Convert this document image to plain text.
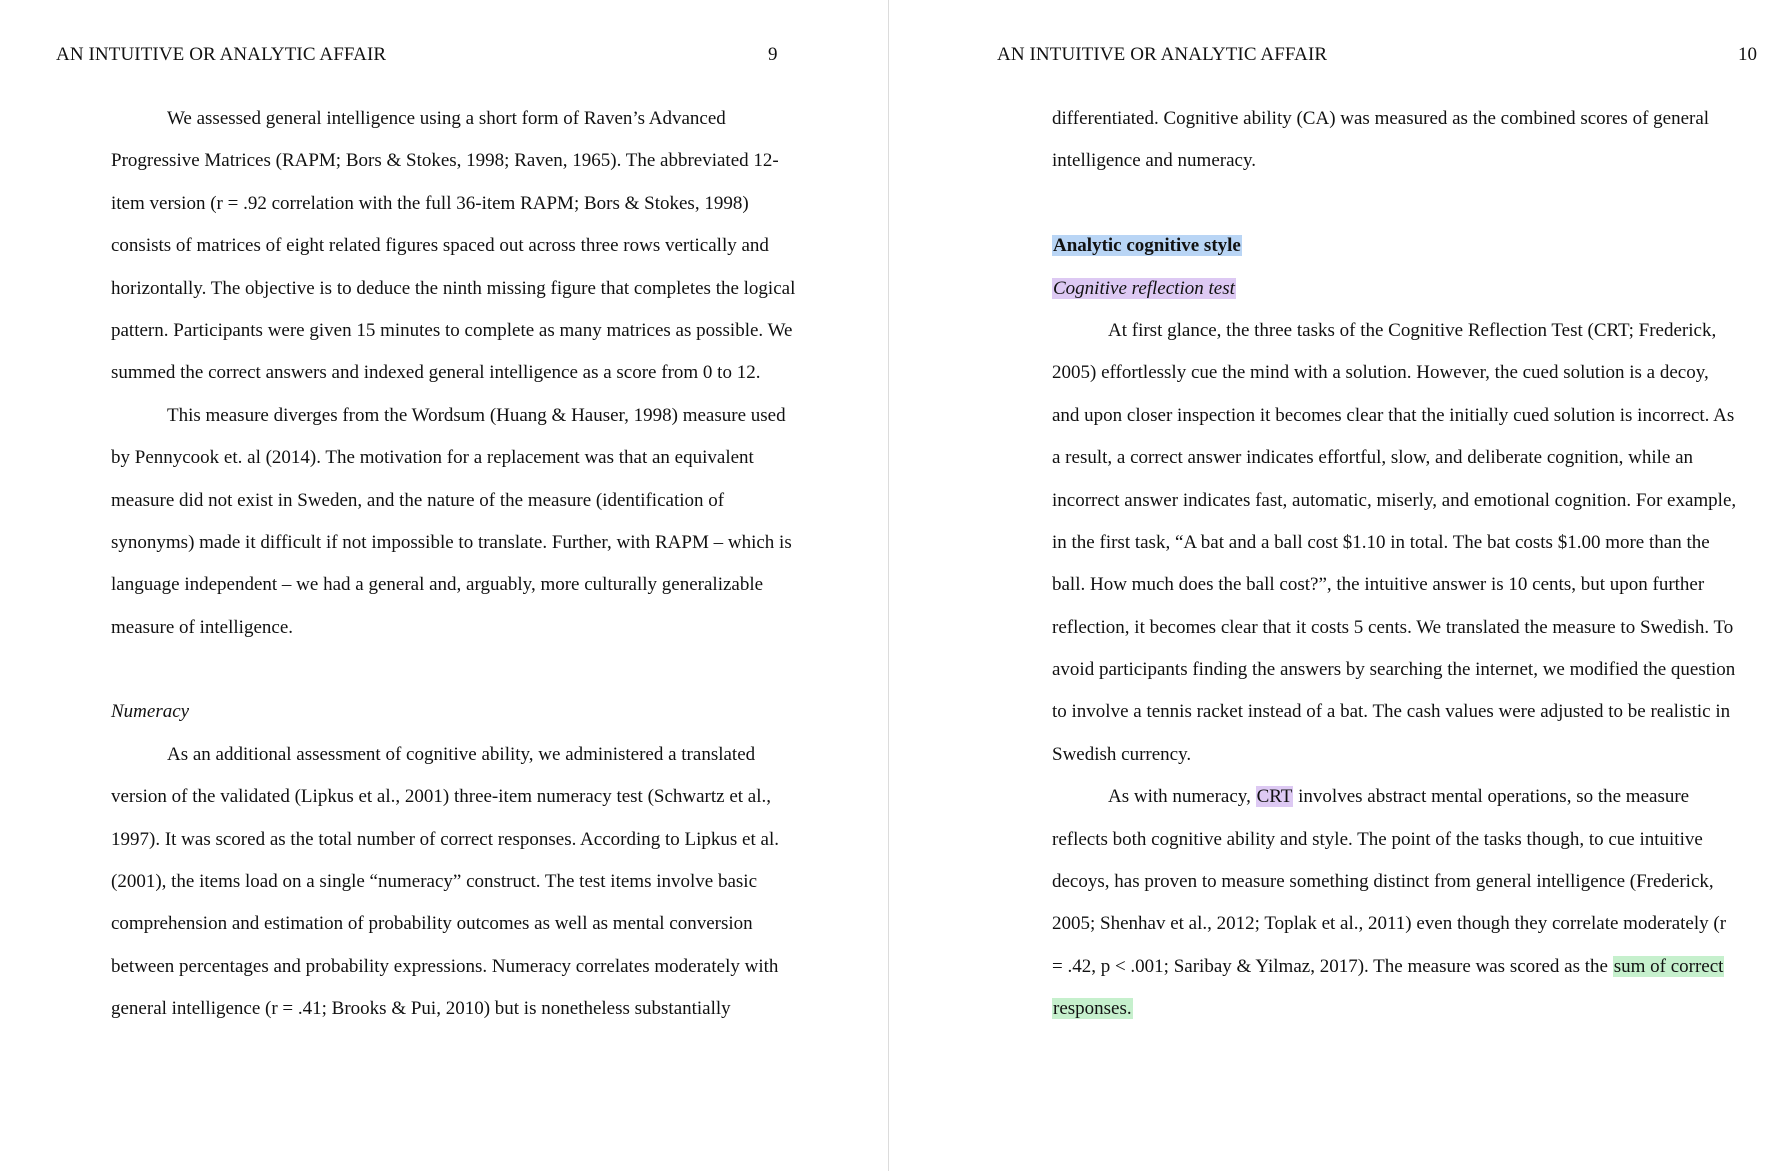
AN INTUITIVE OR ANALYTIC AFFAIR	9
We assessed general intelligence using a short form of Raven’s Advanced
Progressive Matrices (RAPM; Bors & Stokes, 1998; Raven, 1965). The abbreviated 12-
item version (r = .92 correlation with the full 36-item RAPM; Bors & Stokes, 1998)
consists of matrices of eight related figures spaced out across three rows vertically and
horizontally. The objective is to deduce the ninth missing figure that completes the logical
pattern. Participants were given 15 minutes to complete as many matrices as possible. We
summed the correct answers and indexed general intelligence as a score from 0 to 12.
This measure diverges from the Wordsum (Huang & Hauser, 1998) measure used
by Pennycook et. al (2014). The motivation for a replacement was that an equivalent
measure did not exist in Sweden, and the nature of the measure (identification of
synonyms) made it difficult if not impossible to translate. Further, with RAPM – which is
language independent – we had a general and, arguably, more culturally generalizable
measure of intelligence.
Numeracy
As an additional assessment of cognitive ability, we administered a translated
version of the validated (Lipkus et al., 2001) three-item numeracy test (Schwartz et al.,
1997). It was scored as the total number of correct responses. According to Lipkus et al.
(2001), the items load on a single “numeracy” construct. The test items involve basic
comprehension and estimation of probability outcomes as well as mental conversion
between percentages and probability expressions. Numeracy correlates moderately with
general intelligence (r = .41; Brooks & Pui, 2010) but is nonetheless substantially
AN INTUITIVE OR ANALYTIC AFFAIR	10
differentiated. Cognitive ability (CA) was measured as the combined scores of general
intelligence and numeracy.
Analytic cognitive style
Cognitive reflection test
At first glance, the three tasks of the Cognitive Reflection Test (CRT; Frederick,
2005) effortlessly cue the mind with a solution. However, the cued solution is a decoy,
and upon closer inspection it becomes clear that the initially cued solution is incorrect. As
a result, a correct answer indicates effortful, slow, and deliberate cognition, while an
incorrect answer indicates fast, automatic, miserly, and emotional cognition. For example,
in the first task, “A bat and a ball cost $1.10 in total. The bat costs $1.00 more than the
ball. How much does the ball cost?”, the intuitive answer is 10 cents, but upon further
reflection, it becomes clear that it costs 5 cents. We translated the measure to Swedish. To
avoid participants finding the answers by searching the internet, we modified the question
to involve a tennis racket instead of a bat. The cash values were adjusted to be realistic in
Swedish currency.
As with numeracy, CRT involves abstract mental operations, so the measure
reflects both cognitive ability and style. The point of the tasks though, to cue intuitive
decoys, has proven to measure something distinct from general intelligence (Frederick,
2005; Shenhav et al., 2012; Toplak et al., 2011) even though they correlate moderately (r
= .42, p < .001; Saribay & Yilmaz, 2017). The measure was scored as the sum of correct
responses.
